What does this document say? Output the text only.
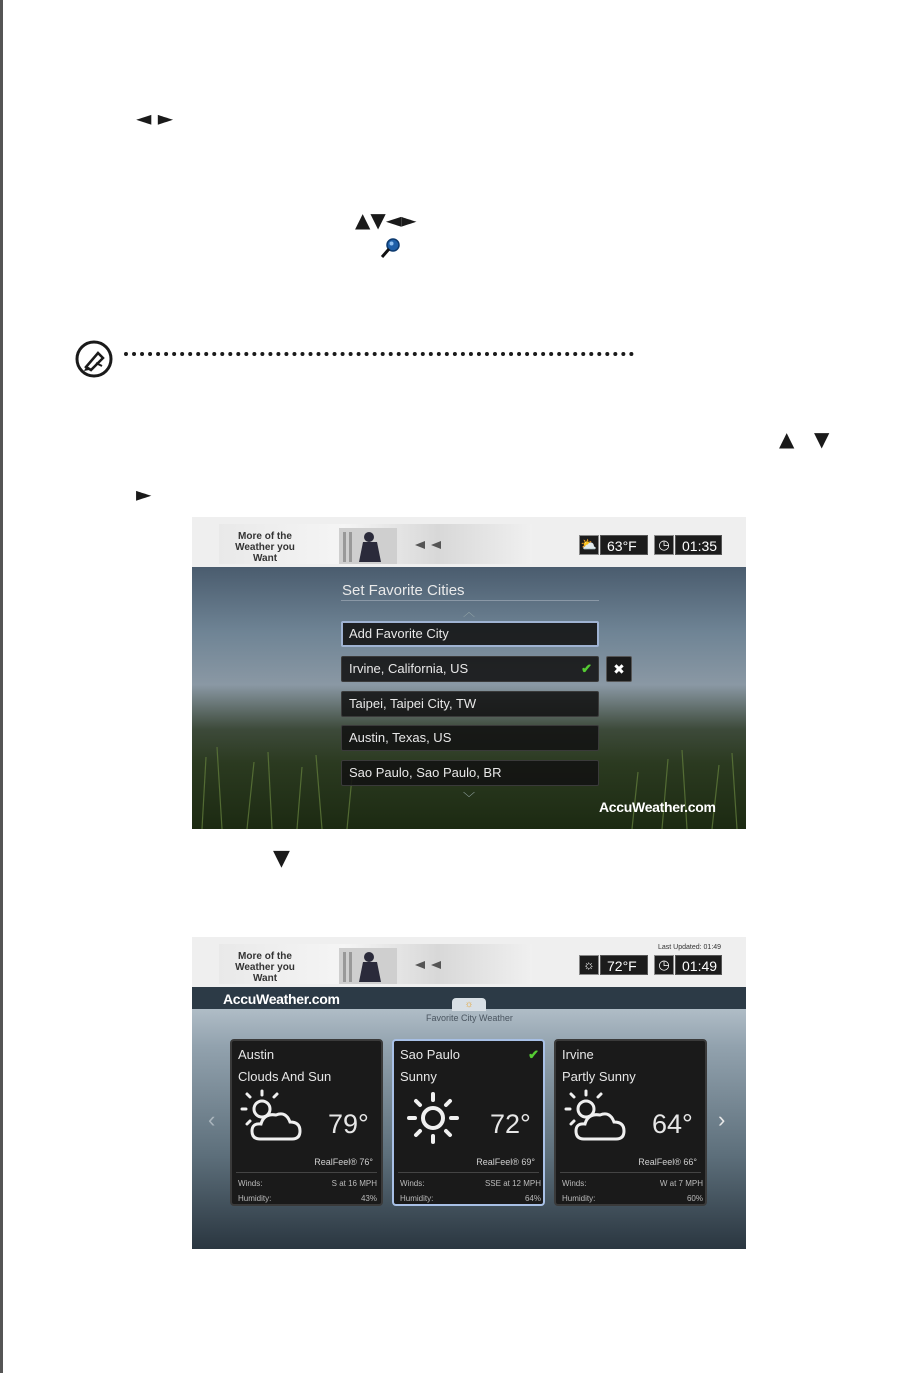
◄ ►
▲▼◄►
▲ ▼
►
More of the
Weather you Want
⛅ 63°F	◷ 01:35
Set Favorite Cities
︿
Add Favorite City
Irvine, California, US	✔	✖
Taipei, Taipei City, TW
Austin, Texas, US
Sao Paulo, Sao Paulo, BR
﹀
AccuWeather.com
▼
More of the
Weather you Want
Last Updated: 01:49
☼ 72°F	◷ 01:49
AccuWeather.com	☼
Favorite City Weather
‹	›
Austin
Clouds And Sun
79°
RealFeel® 76°
Winds:	S at 16 MPH
Humidity:	43%
Sao Paulo	✔
Sunny
72°
RealFeel® 69°
Winds:	SSE at 12 MPH
Humidity:	64%
Irvine
Partly Sunny
64°
RealFeel® 66°
Winds:	W at 7 MPH
Humidity:	60%
